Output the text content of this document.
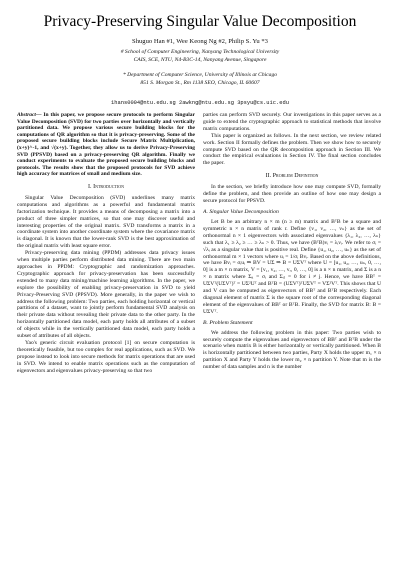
Privacy-Preserving Singular Value Decomposition
Shuguo Han #1, Wee Keong Ng #2, Philip S. Yu *3
# School of Computer Engineering, Nanyang Technological University
CAIS, SCE, NTU, N4-B3C-14, Nanyang Avenue, Singapore
* Department of Computer Science, University of Illinois at Chicago
851 S. Morgan St., Rm 1138 SEO, Chicago, IL 60607
1hans0004@ntu.edu.sg 2awkng@ntu.edu.sg 3psyu@cs.uic.edu
Abstract— In this paper, we propose secure protocols to perform Singular Value Decomposition (SVD) for two parties over horizontally and vertically partitioned data. We propose various secure building blocks for the computations of QR algorithm so that it is privacy-preserving. Some of the proposed secure building blocks include Secure Matrix Multiplication, (x+y)^-1, and √(x+y). Together, they allow us to derive Privacy-Preserving SVD (PPSVD) based on a privacy-preserving QR algorithm. Finally we conduct experiments to evaluate the proposed secure building blocks and protocols. The results show that the proposed protocols for SVD achieve high accuracy for matrices of small and medium size.
I. Introduction

Singular Value Decomposition (SVD) underlines many matrix computations and algorithms as a powerful and fundamental matrix factorization technique. It provides a means of decomposing a matrix into a product of three simpler matrices, so that one may discover useful and interesting properties of the original matrix. SVD transforms a matrix in a coordinate system into another coordinate system where the covariance matrix is diagonal. It is known that the lower-rank SVD is the best approximation of the original matrix with least square error.

Privacy-preserving data mining (PPDM) addresses data privacy issues when multiple parties perform distributed data mining. There are two main approaches in PPDM: Cryptographic and randomization approaches. Cryptographic approach for privacy-preservation has been successfully extended to many data mining/machine learning algorithms. In the paper, we explore the possibility of enabling privacy-preservation in SVD to yield Privacy-Preserving SVD (PPSVD). More generally, in the paper we wish to address the following problem: Two parties, each holding horizontal or vertical partitions of a dataset, want to jointly perform fundamental SVD analysis on their private data without revealing their private data to the other party. In the horizontally partitioned data model, each party holds all attributes of a subset of objects while in the vertically partitioned data model, each party holds a subset of attributes of all objects.

Yao's generic circuit evaluation protocol [1] on secure computation is theoretically feasible, but too complex for real applications, such as SVD. We propose instead to look into secure methods for matrix operations that are used in SVD. We intend to enable matrix operations such as the computation of eigenvectors and eigenvalues privacy-preserving so that two

parties can perform SVD securely. Our investigations in this paper serves as a guide to extend the cryptographic approach to statistical methods that involve matrix computations.

This paper is organized as follows. In the next section, we review related work. Section II formally defines the problem. Then we show how to securely compute SVD based on the QR decomposition approach in Section III. We conduct the empirical evaluations in Section IV. The final section concludes the paper.

II. Problem Definition

In the section, we briefly introduce how one may compute SVD, formally define the problem, and then provide an outline of how one may design a secure protocol for PPSVD.

A. Singular Value Decomposition

Let B be an arbitrary n × m (n ≥ m) matrix and BᵀB be a square and symmetric n × n matrix of rank r. Define {v₁, v₂, …, vₙ} as the set of orthonormal n × 1 eigenvectors with associated eigenvalues {λ₁, λ₂, …, λₙ} such that λ₁ ≥ λ₂ ≥ … ≥ λₙ > 0. Thus, we have (BᵀB)vᵢ = λᵢvᵢ. We refer to σᵢ = √λᵢ as a singular value that is positive real. Define {u₁, u₂, …, uₙ} as the set of orthonormal m × 1 vectors where uᵢ = 1/σᵢ Bvᵢ. Based on the above definitions, we have Bvᵢ = σᵢuᵢ ⇒ BV = UΣ ⇒ B = UΣVᵀ where U = [u₁, u₂, …, uₙ, 0, …, 0] is a m × n matrix, V = [v₁, v₂, …, vᵣ, 0, …, 0] is a n × n matrix, and Σ is a n × n matrix where Σᵢᵢ = σᵢ and Σᵢⱼ = 0 for i ≠ j. Hence, we have BBᵀ = UΣVᵀ(UΣVᵀ)ᵀ = UΣ²Uᵀ and BᵀB = (UΣVᵀ)ᵀUΣVᵀ = VΣ²Vᵀ. This shows that U and V can be computed as eigenvectors of BBᵀ and BᵀB respectively. Each diagonal element of matrix Σ is the square root of the corresponding diagonal element of the eigenvalues of BBᵀ or BᵀB. Finally, the SVD for matrix B: B = UΣVᵀ.

B. Problem Statement

We address the following problem in this paper: Two parties wish to securely compute the eigenvalues and eigenvectors of BBᵀ and BᵀB under the scenario when matrix B is either horizontally or vertically partitioned. When B is horizontally partitioned between two parties, Party X holds the upper m₁ × n partition X and Party Y holds the lower m₂ × n partition Y. Note that m is the number of data samples and n is the number
